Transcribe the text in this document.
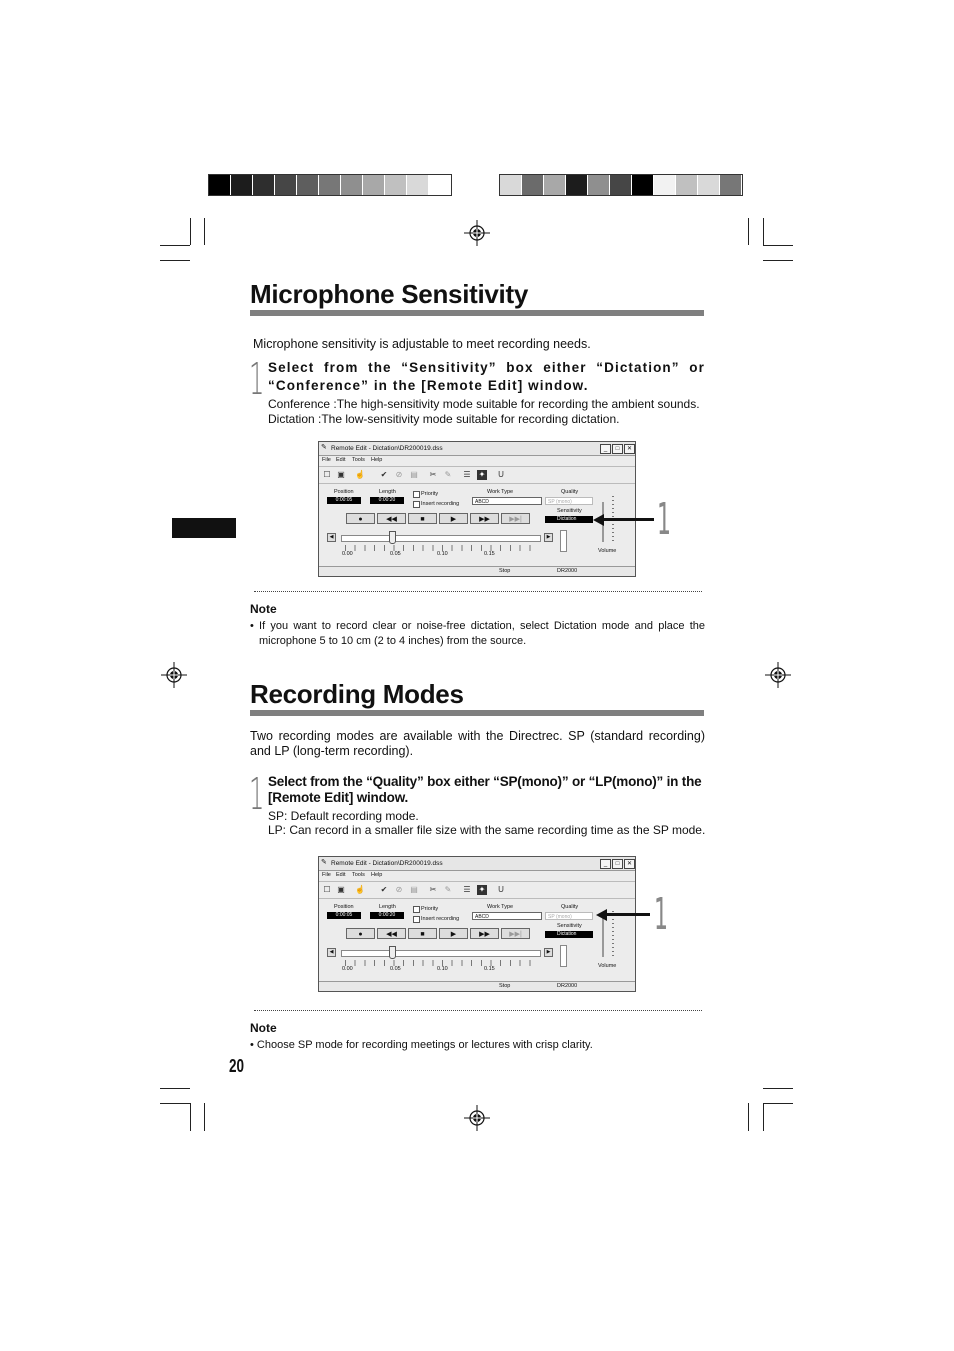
Microphone Sensitivity
Microphone sensitivity is adjustable to meet recording needs.
1 Select from the “Sensitivity” box either “Dictation” or “Conference” in the [Remote Edit] window.
Conference :The high-sensitivity mode suitable for recording the ambient sounds.
Dictation :The low-sensitivity mode suitable for recording dictation.
✎ Remote Edit - Dictation\DR200019.dss	_	□	✕
File Edit Tools Help
☐ ▣ ☝ ✔ ⊘ ▤ ✂ ✎ ☰ ✦ U
Position
0:00:05
Length
0:00:20
Priority
Insert recording
Work Type
ABCD
Quality
SP (mono)
Sensitivity
Dictation
●	◀◀	■	▶	▶▶	▶▶|
◀	▶
0.00	0.05	0.10	0.15	Volume
Stop	DR2000
1
Note
• If you want to record clear or noise-free dictation, select Dictation mode and place the microphone 5 to 10 cm (2 to 4 inches) from the source.
Recording Modes
Two recording modes are available with the Directrec. SP (standard recording) and LP (long-term recording).
1 Select from the “Quality” box either “SP(mono)” or “LP(mono)” in the [Remote Edit] window.
SP: Default recording mode.
LP: Can record in a smaller file size with the same recording time as the SP mode.
✎ Remote Edit - Dictation\DR200019.dss	_	□	✕
File Edit Tools Help
☐ ▣ ☝ ✔ ⊘ ▤ ✂ ✎ ☰ ✦ U
Position
0:00:05
Length
0:00:20
Priority
Insert recording
Work Type
ABCD
Quality
SP (mono)
Sensitivity
Dictation
●	◀◀	■	▶	▶▶	▶▶|
◀	▶
0.00	0.05	0.10	0.15	Volume
Stop	DR2000
1
Note
• Choose SP mode for recording meetings or lectures with crisp clarity.
20
